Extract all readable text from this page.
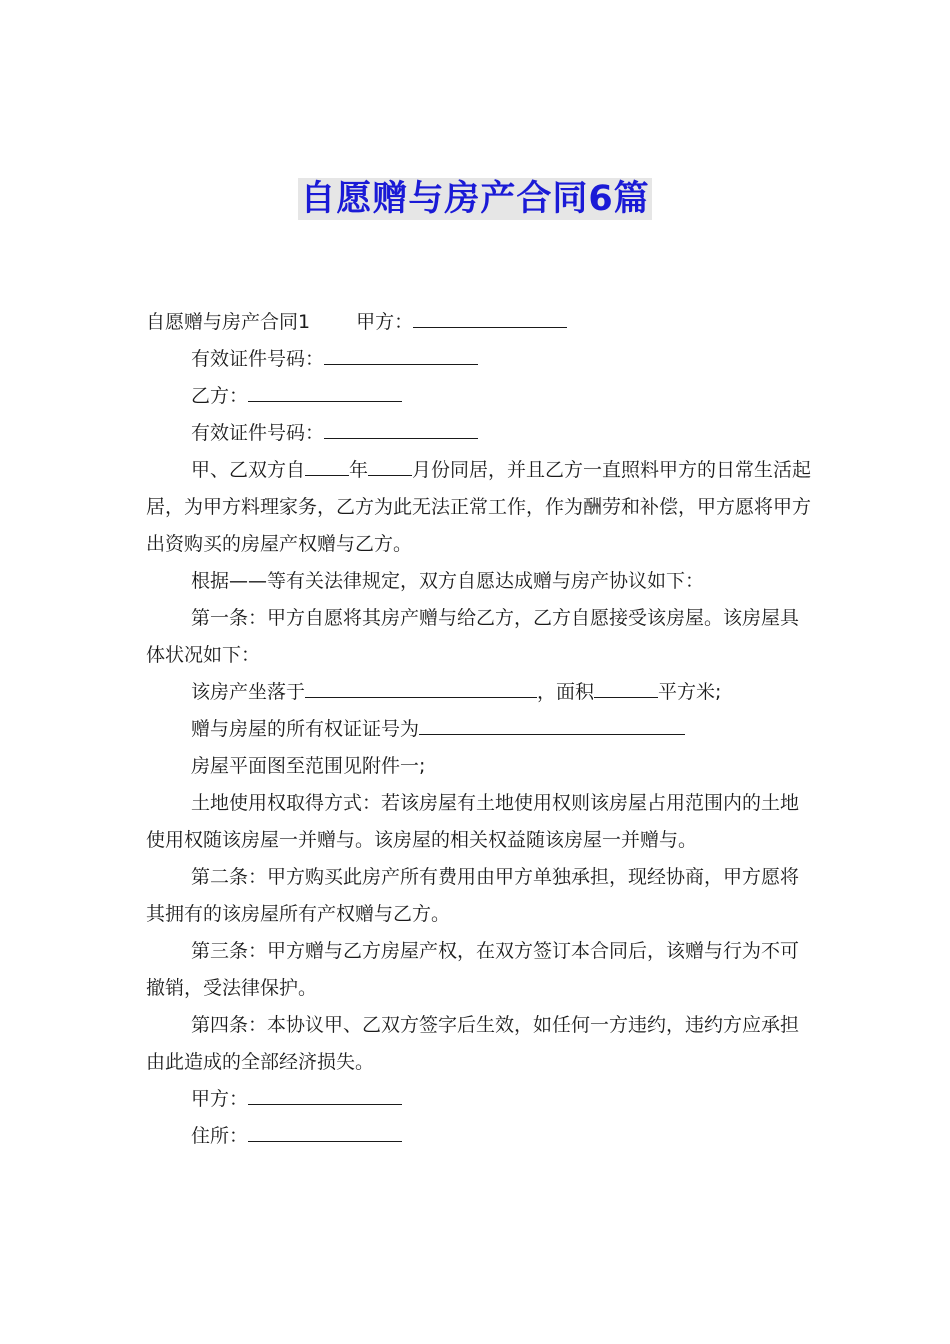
自愿赠与房产合同6篇

自愿赠与房产合同1 甲方：

有效证件号码：

乙方：

有效证件号码：

甲、乙双方自 年 月份同居，并且乙方一直照料甲方的日常生活起居，为甲方料理家务，乙方为此无法正常工作，作为酬劳和补偿，甲方愿将甲方出资购买的房屋产权赠与乙方。

根据——等有关法律规定，双方自愿达成赠与房产协议如下：

第一条：甲方自愿将其房产赠与给乙方，乙方自愿接受该房屋。该房屋具体状况如下：

该房产坐落于	，面积	平方米;

赠与房屋的所有权证证号为

房屋平面图至范围见附件一;

土地使用权取得方式：若该房屋有土地使用权则该房屋占用范围内的土地使用权随该房屋一并赠与。该房屋的相关权益随该房屋一并赠与。

第二条：甲方购买此房产所有费用由甲方单独承担，现经协商，甲方愿将其拥有的该房屋所有产权赠与乙方。

第三条：甲方赠与乙方房屋产权，在双方签订本合同后，该赠与行为不可撤销，受法律保护。

第四条：本协议甲、乙双方签字后生效，如任何一方违约，违约方应承担由此造成的全部经济损失。

甲方：

住所：
